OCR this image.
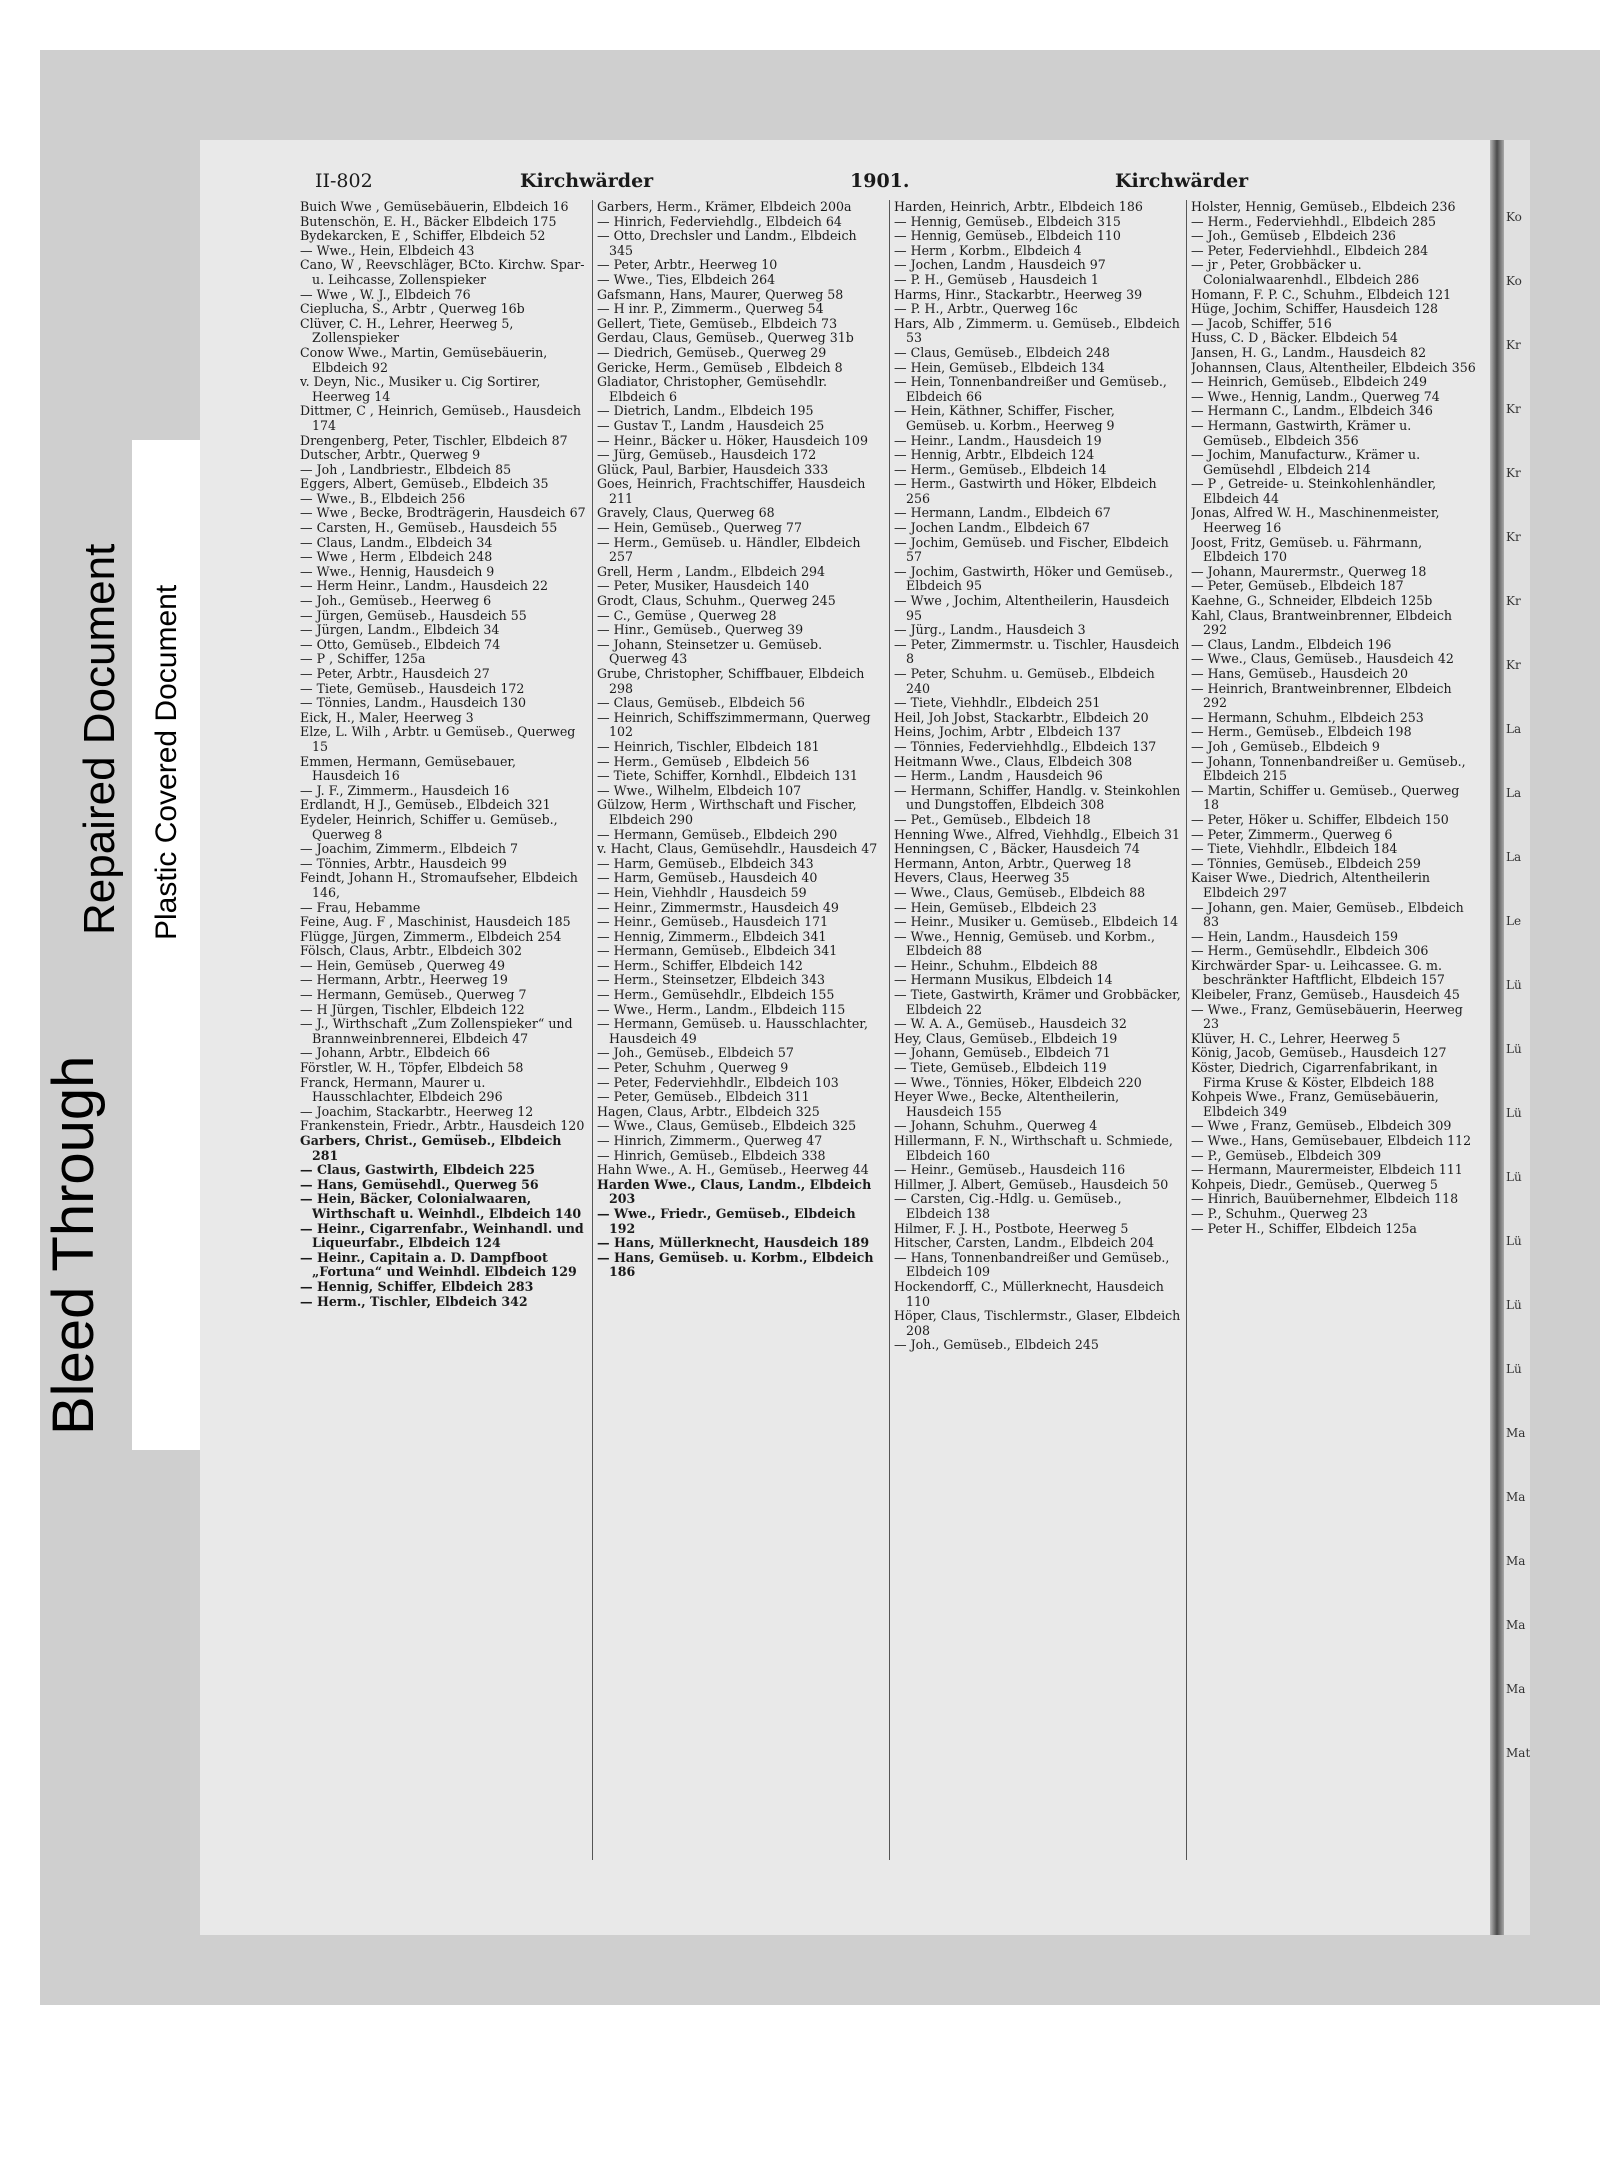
Bleed Through
Repaired Document Plastic Covered Document
II-802	Kirchwärder	1901.	Kirchwärder

Buich Wwe , Gemüsebäuerin, Elbdeich 16

Butenschön, E. H., Bäcker Elbdeich 175

Bydekarcken, E , Schiffer, Elbdeich 52

— Wwe., Hein, Elbdeich 43

Cano, W , Reevschläger, BCto. Kirchw. Spar- u. Leihcasse, Zollenspieker

— Wwe , W. J., Elbdeich 76

Cieplucha, S., Arbtr , Querweg 16b

Clüver, C. H., Lehrer, Heerweg 5, Zollenspieker

Conow Wwe., Martin, Gemüsebäuerin, Elbdeich 92

v. Deyn, Nic., Musiker u. Cig Sortirer, Heerweg 14

Dittmer, C , Heinrich, Gemüseb., Hausdeich 174

Drengenberg, Peter, Tischler, Elbdeich 87

Dutscher, Arbtr., Querweg 9

— Joh , Landbriestr., Elbdeich 85

Eggers, Albert, Gemüseb., Elbdeich 35

— Wwe., B., Elbdeich 256

— Wwe , Becke, Brodträgerin, Hausdeich 67

— Carsten, H., Gemüseb., Hausdeich 55

— Claus, Landm., Elbdeich 34

— Wwe , Herm , Elbdeich 248

— Wwe., Hennig, Hausdeich 9

— Herm Heinr., Landm., Hausdeich 22

— Joh., Gemüseb., Heerweg 6

— Jürgen, Gemüseb., Hausdeich 55

— Jürgen, Landm., Elbdeich 34

— Otto, Gemüseb., Elbdeich 74

— P , Schiffer, 125a

— Peter, Arbtr., Hausdeich 27

— Tiete, Gemüseb., Hausdeich 172

— Tönnies, Landm., Hausdeich 130

Eick, H., Maler, Heerweg 3

Elze, L. Wilh , Arbtr. u Gemüseb., Querweg 15

Emmen, Hermann, Gemüsebauer, Hausdeich 16

— J. F., Zimmerm., Hausdeich 16

Erdlandt, H J., Gemüseb., Elbdeich 321

Eydeler, Heinrich, Schiffer u. Gemüseb., Querweg 8

— Joachim, Zimmerm., Elbdeich 7

— Tönnies, Arbtr., Hausdeich 99

Feindt, Johann H., Stromaufseher, Elbdeich 146,

— Frau, Hebamme

Feine, Aug. F , Maschinist, Hausdeich 185

Flügge, Jürgen, Zimmerm., Elbdeich 254

Fölsch, Claus, Arbtr., Elbdeich 302

— Hein, Gemüseb , Querweg 49

— Hermann, Arbtr., Heerweg 19

— Hermann, Gemüseb., Querweg 7

— H Jürgen, Tischler, Elbdeich 122

— J., Wirthschaft „Zum Zollenspieker“ und Brannweinbrennerei, Elbdeich 47

— Johann, Arbtr., Elbdeich 66

Förstler, W. H., Töpfer, Elbdeich 58

Franck, Hermann, Maurer u. Hausschlachter, Elbdeich 296

— Joachim, Stackarbtr., Heerweg 12

Frankenstein, Friedr., Arbtr., Hausdeich 120

Garbers, Christ., Gemüseb., Elbdeich 281

— Claus, Gastwirth, Elbdeich 225

— Hans, Gemüsehdl., Querweg 56

— Hein, Bäcker, Colonialwaaren, Wirthschaft u. Weinhdl., Elbdeich 140

— Heinr., Cigarrenfabr., Weinhandl. und Liqueurfabr., Elbdeich 124

— Heinr., Capitain a. D. Dampfboot „Fortuna“ und Weinhdl. Elbdeich 129

— Hennig, Schiffer, Elbdeich 283

— Herm., Tischler, Elbdeich 342

Garbers, Herm., Krämer, Elbdeich 200a

— Hinrich, Federviehdlg., Elbdeich 64

— Otto, Drechsler und Landm., Elbdeich 345

— Peter, Arbtr., Heerweg 10

— Wwe., Ties, Elbdeich 264

Gafsmann, Hans, Maurer, Querweg 58

— H inr. P., Zimmerm., Querweg 54

Gellert, Tiete, Gemüseb., Elbdeich 73

Gerdau, Claus, Gemüseb., Querweg 31b

— Diedrich, Gemüseb., Querweg 29

Gericke, Herm., Gemüseb , Elbdeich 8

Gladiator, Christopher, Gemüsehdlr. Elbdeich 6

— Dietrich, Landm., Elbdeich 195

— Gustav T., Landm , Hausdeich 25

— Heinr., Bäcker u. Höker, Hausdeich 109

— Jürg, Gemüseb., Hausdeich 172

Glück, Paul, Barbier, Hausdeich 333

Goes, Heinrich, Frachtschiffer, Hausdeich 211

Gravely, Claus, Querweg 68

— Hein, Gemüseb., Querweg 77

— Herm., Gemüseb. u. Händler, Elbdeich 257

Grell, Herm , Landm., Elbdeich 294

— Peter, Musiker, Hausdeich 140

Grodt, Claus, Schuhm., Querweg 245

— C., Gemüse , Querweg 28

— Hinr., Gemüseb., Querweg 39

— Johann, Steinsetzer u. Gemüseb. Querweg 43

Grube, Christopher, Schiffbauer, Elbdeich 298

— Claus, Gemüseb., Elbdeich 56

— Heinrich, Schiffszimmermann, Querweg 102

— Heinrich, Tischler, Elbdeich 181

— Herm., Gemüseb , Elbdeich 56

— Tiete, Schiffer, Kornhdl., Elbdeich 131

— Wwe., Wilhelm, Elbdeich 107

Gülzow, Herm , Wirthschaft und Fischer, Elbdeich 290

— Hermann, Gemüseb., Elbdeich 290

v. Hacht, Claus, Gemüsehdlr., Hausdeich 47

— Harm, Gemüseb., Elbdeich 343

— Harm, Gemüseb., Hausdeich 40

— Hein, Viehhdlr , Hausdeich 59

— Heinr., Zimmermstr., Hausdeich 49

— Heinr., Gemüseb., Hausdeich 171

— Hennig, Zimmerm., Elbdeich 341

— Hermann, Gemüseb., Elbdeich 341

— Herm., Schiffer, Elbdeich 142

— Herm., Steinsetzer, Elbdeich 343

— Herm., Gemüsehdlr., Elbdeich 155

— Wwe., Herm., Landm., Elbdeich 115

— Hermann, Gemüseb. u. Hausschlachter, Hausdeich 49

— Joh., Gemüseb., Elbdeich 57

— Peter, Schuhm , Querweg 9

— Peter, Federviehhdlr., Elbdeich 103

— Peter, Gemüseb., Elbdeich 311

Hagen, Claus, Arbtr., Elbdeich 325

— Wwe., Claus, Gemüseb., Elbdeich 325

— Hinrich, Zimmerm., Querweg 47

— Hinrich, Gemüseb., Elbdeich 338

Hahn Wwe., A. H., Gemüseb., Heerweg 44

Harden Wwe., Claus, Landm., Elbdeich 203

— Wwe., Friedr., Gemüseb., Elbdeich 192

— Hans, Müllerknecht, Hausdeich 189

— Hans, Gemüseb. u. Korbm., Elbdeich 186

Harden, Heinrich, Arbtr., Elbdeich 186

— Hennig, Gemüseb., Elbdeich 315

— Hennig, Gemüseb., Elbdeich 110

— Herm , Korbm., Elbdeich 4

— Jochen, Landm , Hausdeich 97

— P. H., Gemüseb , Hausdeich 1

Harms, Hinr., Stackarbtr., Heerweg 39

— P. H., Arbtr., Querweg 16c

Hars, Alb , Zimmerm. u. Gemüseb., Elbdeich 53

— Claus, Gemüseb., Elbdeich 248

— Hein, Gemüseb., Elbdeich 134

— Hein, Tonnenbandreißer und Gemüseb., Elbdeich 66

— Hein, Käthner, Schiffer, Fischer, Gemüseb. u. Korbm., Heerweg 9

— Heinr., Landm., Hausdeich 19

— Hennig, Arbtr., Elbdeich 124

— Herm., Gemüseb., Elbdeich 14

— Herm., Gastwirth und Höker, Elbdeich 256

— Hermann, Landm., Elbdeich 67

— Jochen Landm., Elbdeich 67

— Jochim, Gemüseb. und Fischer, Elbdeich 57

— Jochim, Gastwirth, Höker und Gemüseb., Elbdeich 95

— Wwe , Jochim, Altentheilerin, Hausdeich 95

— Jürg., Landm., Hausdeich 3

— Peter, Zimmermstr. u. Tischler, Hausdeich 8

— Peter, Schuhm. u. Gemüseb., Elbdeich 240

— Tiete, Viehhdlr., Elbdeich 251

Heil, Joh Jobst, Stackarbtr., Elbdeich 20

Heins, Jochim, Arbtr , Elbdeich 137

— Tönnies, Federviehhdlg., Elbdeich 137

Heitmann Wwe., Claus, Elbdeich 308

— Herm., Landm , Hausdeich 96

— Hermann, Schiffer, Handlg. v. Steinkohlen und Dungstoffen, Elbdeich 308

— Pet., Gemüseb., Elbdeich 18

Henning Wwe., Alfred, Viehhdlg., Elbeich 31

Henningsen, C , Bäcker, Hausdeich 74

Hermann, Anton, Arbtr., Querweg 18

Hevers, Claus, Heerweg 35

— Wwe., Claus, Gemüseb., Elbdeich 88

— Hein, Gemüseb., Elbdeich 23

— Heinr., Musiker u. Gemüseb., Elbdeich 14

— Wwe., Hennig, Gemüseb. und Korbm., Elbdeich 88

— Heinr., Schuhm., Elbdeich 88

— Hermann Musikus, Elbdeich 14

— Tiete, Gastwirth, Krämer und Grobbäcker, Elbdeich 22

— W. A. A., Gemüseb., Hausdeich 32

Hey, Claus, Gemüseb., Elbdeich 19

— Johann, Gemüseb., Elbdeich 71

— Tiete, Gemüseb., Elbdeich 119

— Wwe., Tönnies, Höker, Elbdeich 220

Heyer Wwe., Becke, Altentheilerin, Hausdeich 155

— Johann, Schuhm., Querweg 4

Hillermann, F. N., Wirthschaft u. Schmiede, Elbdeich 160

— Heinr., Gemüseb., Hausdeich 116

Hillmer, J. Albert, Gemüseb., Hausdeich 50

— Carsten, Cig.-Hdlg. u. Gemüseb., Elbdeich 138

Hilmer, F. J. H., Postbote, Heerweg 5

Hitscher, Carsten, Landm., Elbdeich 204

— Hans, Tonnenbandreißer und Gemüseb., Elbdeich 109

Hockendorff, C., Müllerknecht, Hausdeich 110

Höper, Claus, Tischlermstr., Glaser, Elbdeich 208

— Joh., Gemüseb., Elbdeich 245

Holster, Hennig, Gemüseb., Elbdeich 236

— Herm., Federviehhdl., Elbdeich 285

— Joh., Gemüseb , Elbdeich 236

— Peter, Federviehhdl., Elbdeich 284

— jr , Peter, Grobbäcker u. Colonialwaarenhdl., Elbdeich 286

Homann, F. P. C., Schuhm., Elbdeich 121

Hüge, Jochim, Schiffer, Hausdeich 128

— Jacob, Schiffer, 516

Huss, C. D , Bäcker. Elbdeich 54

Jansen, H. G., Landm., Hausdeich 82

Johannsen, Claus, Altentheiler, Elbdeich 356

— Heinrich, Gemüseb., Elbdeich 249

— Wwe., Hennig, Landm., Querweg 74

— Hermann C., Landm., Elbdeich 346

— Hermann, Gastwirth, Krämer u. Gemüseb., Elbdeich 356

— Jochim, Manufacturw., Krämer u. Gemüsehdl , Elbdeich 214

— P , Getreide- u. Steinkohlenhändler, Elbdeich 44

Jonas, Alfred W. H., Maschinenmeister, Heerweg 16

Joost, Fritz, Gemüseb. u. Fährmann, Elbdeich 170

— Johann, Maurermstr., Querweg 18

— Peter, Gemüseb., Elbdeich 187

Kaehne, G., Schneider, Elbdeich 125b

Kahl, Claus, Brantweinbrenner, Elbdeich 292

— Claus, Landm., Elbdeich 196

— Wwe., Claus, Gemüseb., Hausdeich 42

— Hans, Gemüseb., Hausdeich 20

— Heinrich, Brantweinbrenner, Elbdeich 292

— Hermann, Schuhm., Elbdeich 253

— Herm., Gemüseb., Elbdeich 198

— Joh , Gemüseb., Elbdeich 9

— Johann, Tonnenbandreißer u. Gemüseb., Elbdeich 215

— Martin, Schiffer u. Gemüseb., Querweg 18

— Peter, Höker u. Schiffer, Elbdeich 150

— Peter, Zimmerm., Querweg 6

— Tiete, Viehhdlr., Elbdeich 184

— Tönnies, Gemüseb., Elbdeich 259

Kaiser Wwe., Diedrich, Altentheilerin Elbdeich 297

— Johann, gen. Maier, Gemüseb., Elbdeich 83

— Hein, Landm., Hausdeich 159

— Herm., Gemüsehdlr., Elbdeich 306

Kirchwärder Spar- u. Leihcassee. G. m. beschränkter Haftflicht, Elbdeich 157

Kleibeler, Franz, Gemüseb., Hausdeich 45

— Wwe., Franz, Gemüsebäuerin, Heerweg 23

Klüver, H. C., Lehrer, Heerweg 5

König, Jacob, Gemüseb., Hausdeich 127

Köster, Diedrich, Cigarrenfabrikant, in Firma Kruse & Köster, Elbdeich 188

Kohpeis Wwe., Franz, Gemüsebäuerin, Elbdeich 349

— Wwe , Franz, Gemüseb., Elbdeich 309

— Wwe., Hans, Gemüsebauer, Elbdeich 112

— P., Gemüseb., Elbdeich 309

— Hermann, Maurermeister, Elbdeich 111

Kohpeis, Diedr., Gemüseb., Querweg 5

— Hinrich, Bauübernehmer, Elbdeich 118

— P., Schuhm., Querweg 23

— Peter H., Schiffer, Elbdeich 125a

Ko
Ko
Kr
Kr
Kr
Kr
Kr
Kr
La
La
La
Le
Lü
Lü
Lü
Lü
Lü
Lü
Lü
Ma
Ma
Ma
Ma
Ma
Mat
